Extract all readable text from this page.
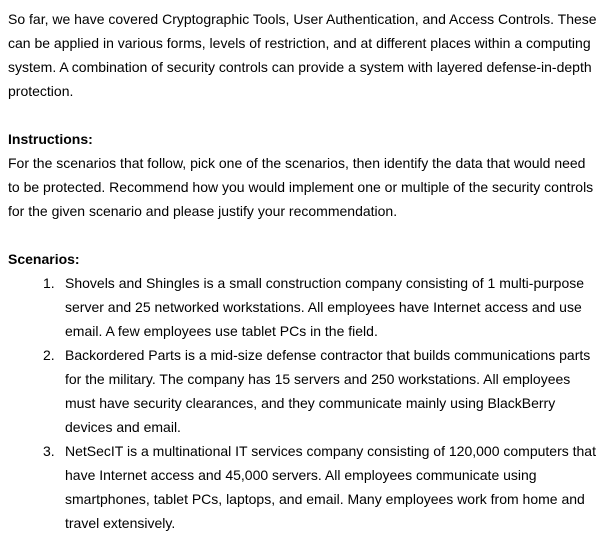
So far, we have covered Cryptographic Tools, User Authentication, and Access Controls. These can be applied in various forms, levels of restriction, and at different places within a computing system. A combination of security controls can provide a system with layered defense-in-depth protection.

Instructions:

For the scenarios that follow, pick one of the scenarios, then identify the data that would need to be protected. Recommend how you would implement one or multiple of the security controls for the given scenario and please justify your recommendation.

Scenarios:

1. Shovels and Shingles is a small construction company consisting of 1 multi-purpose server and 25 networked workstations. All employees have Internet access and use email. A few employees use tablet PCs in the field.
2. Backordered Parts is a mid-size defense contractor that builds communications parts for the military. The company has 15 servers and 250 workstations. All employees must have security clearances, and they communicate mainly using BlackBerry devices and email.
3. NetSecIT is a multinational IT services company consisting of 120,000 computers that have Internet access and 45,000 servers. All employees communicate using smartphones, tablet PCs, laptops, and email. Many employees work from home and travel extensively.
